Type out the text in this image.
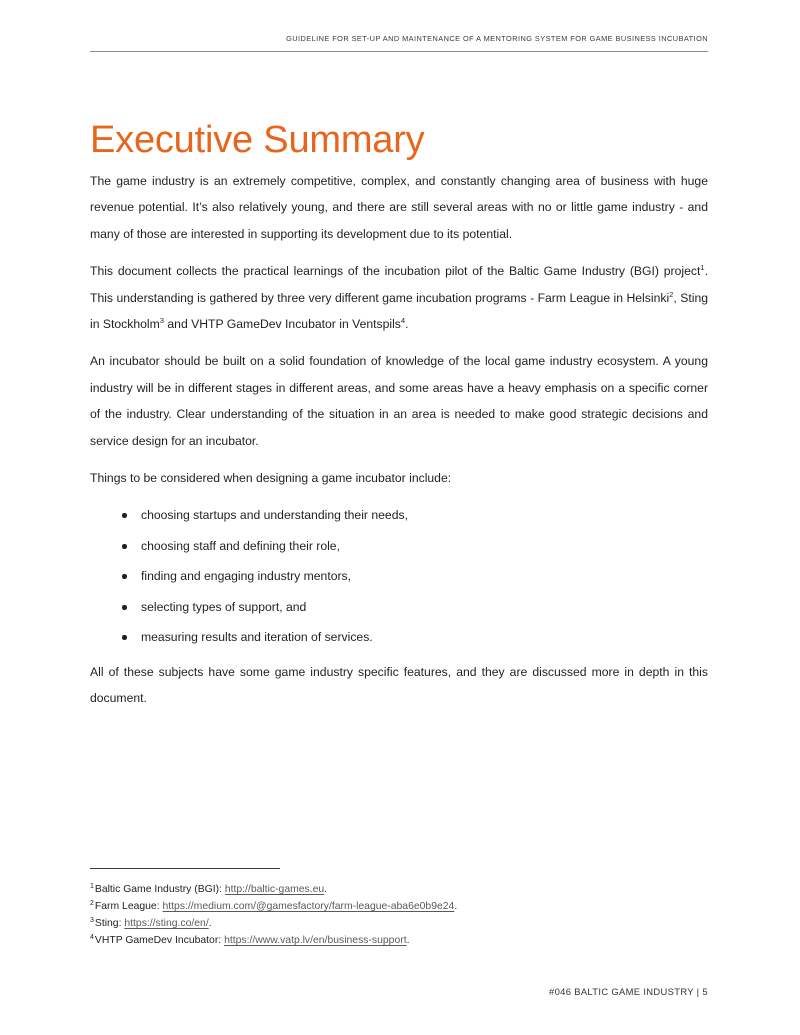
GUIDELINE FOR SET-UP AND MAINTENANCE OF A MENTORING SYSTEM FOR GAME BUSINESS INCUBATION
Executive Summary

The game industry is an extremely competitive, complex, and constantly changing area of business with huge revenue potential. It’s also relatively young, and there are still several areas with no or little game industry - and many of those are interested in supporting its development due to its potential.

This document collects the practical learnings of the incubation pilot of the Baltic Game Industry (BGI) project$^1$. This understanding is gathered by three very different game incubation programs - Farm League in Helsinki$^2$, Sting in Stockholm$^3$ and VHTP GameDev Incubator in Ventspils$^4$.

An incubator should be built on a solid foundation of knowledge of the local game industry ecosystem. A young industry will be in different stages in different areas, and some areas have a heavy emphasis on a specific corner of the industry. Clear understanding of the situation in an area is needed to make good strategic decisions and service design for an incubator.

Things to be considered when designing a game incubator include:

choosing startups and understanding their needs,
choosing staff and defining their role,
finding and engaging industry mentors,
selecting types of support, and
measuring results and iteration of services.

All of these subjects have some game industry specific features, and they are discussed more in depth in this document.

$^1$Baltic Game Industry (BGI): http://baltic-games.eu.
$^2$Farm League: https://medium.com/@gamesfactory/farm-league-aba6e0b9e24.
$^3$Sting: https://sting.co/en/.
$^4$VHTP GameDev Incubator: https://www.vatp.lv/en/business-support.
#046 BALTIC GAME INDUSTRY | 5
